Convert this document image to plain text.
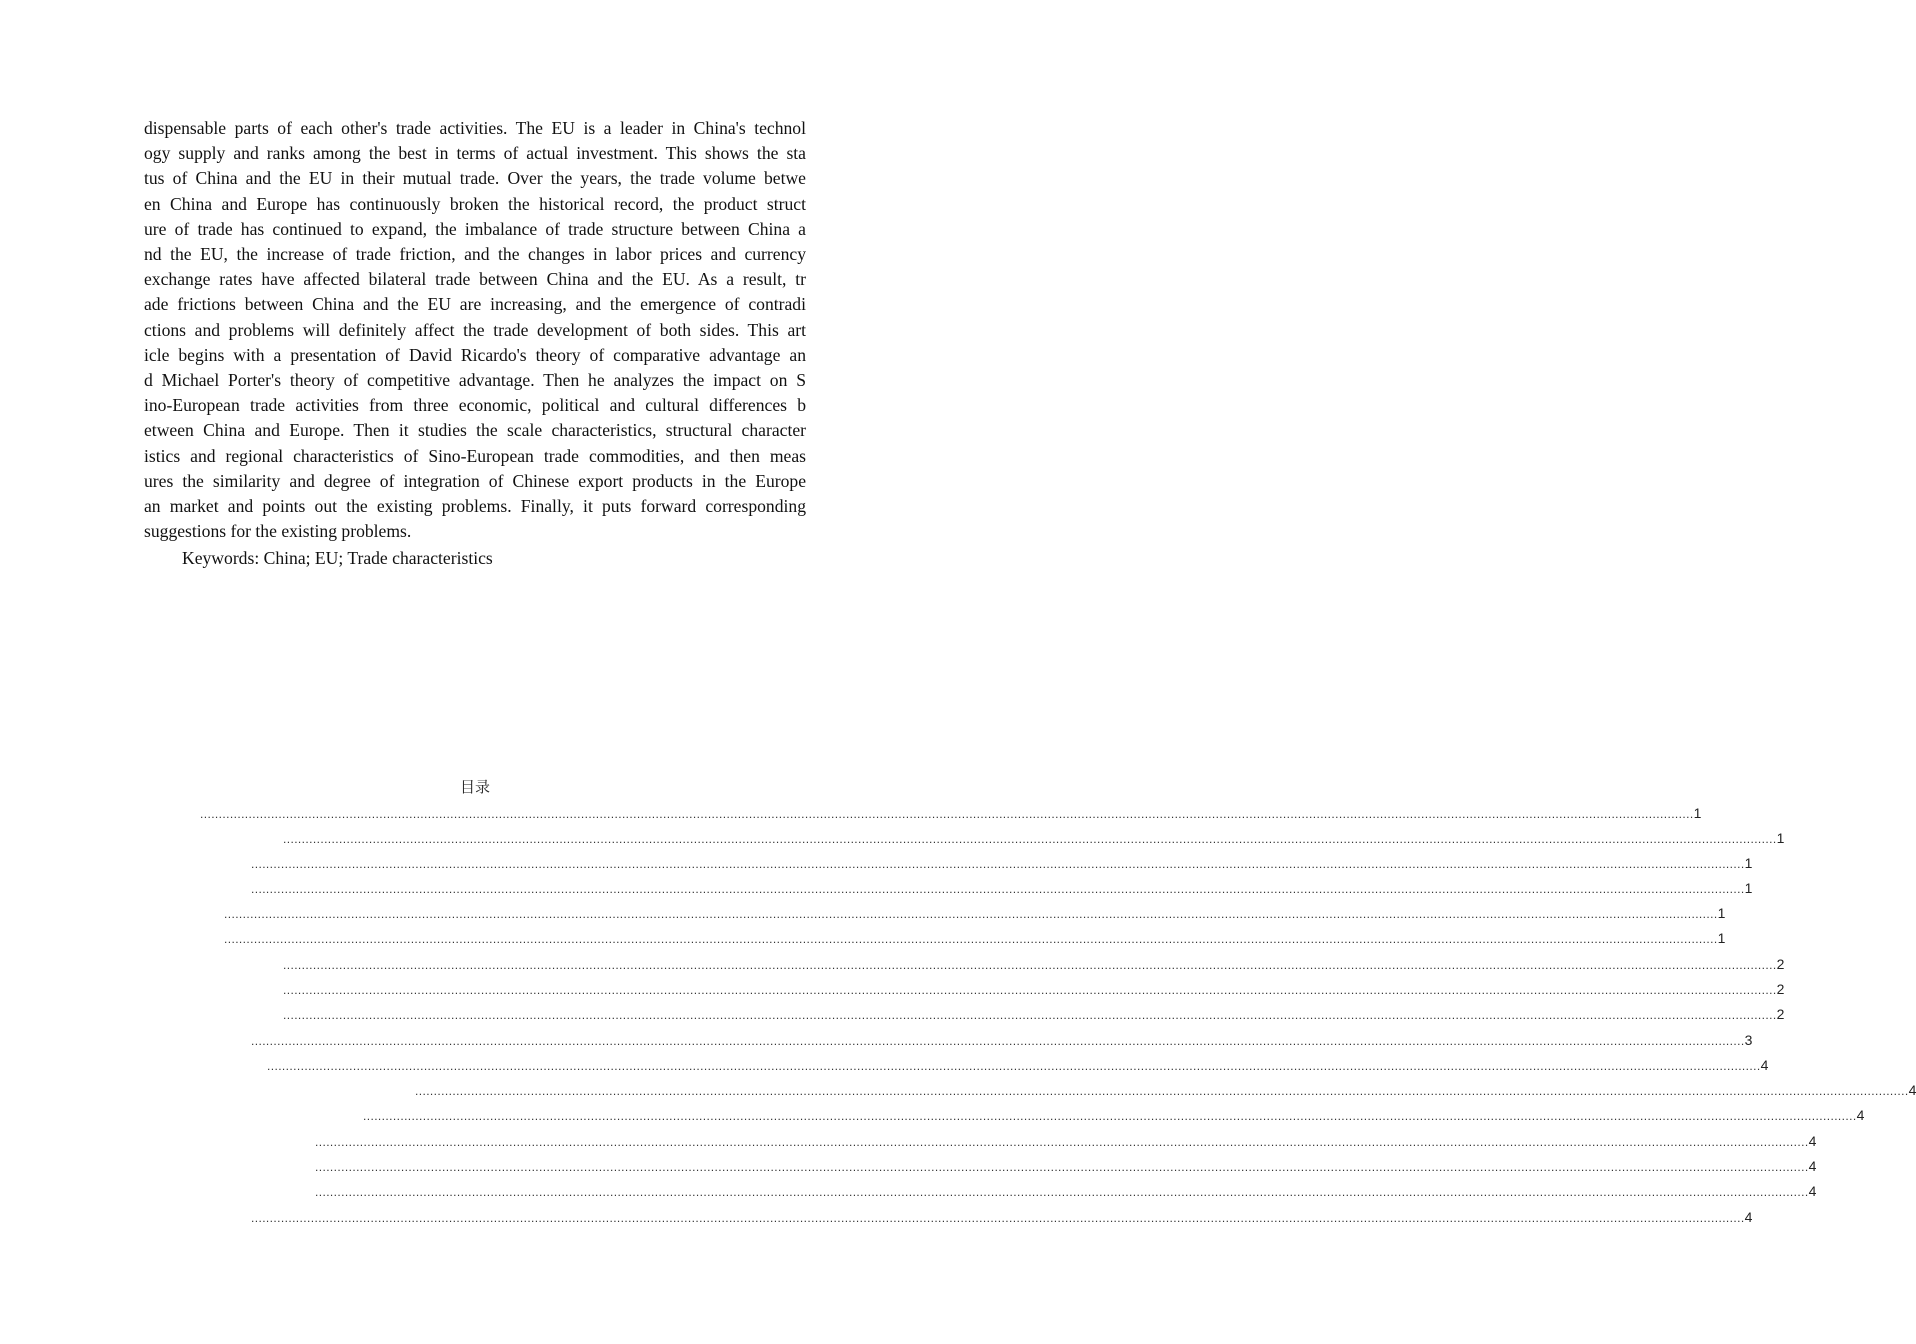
dispensable parts of each other's trade activities. The EU is a leader in China's technol
ogy supply and ranks among the best in terms of actual investment. This shows the sta
tus of China and the EU in their mutual trade. Over the years, the trade volume betwe
en China and Europe has continuously broken the historical record, the product struct
ure of trade has continued to expand, the imbalance of trade structure between China a
nd the EU, the increase of trade friction, and the changes in labor prices and currency
exchange rates have affected bilateral trade between China and the EU. As a result, tr
ade frictions between China and the EU are increasing, and the emergence of contradi
ctions and problems will definitely affect the trade development of both sides. This art
icle begins with a presentation of David Ricardo's theory of comparative advantage an
d Michael Porter's theory of competitive advantage. Then he analyzes the impact on S
ino-European trade activities from three economic, political and cultural differences b
etween China and Europe. Then it studies the scale characteristics, structural character
istics and regional characteristics of Sino-European trade commodities, and then meas
ures the similarity and degree of integration of Chinese export products in the Europe
an market and points out the existing problems. Finally, it puts forward corresponding
suggestions for the existing problems.
Keywords: China; EU; Trade characteristics
目录
................................................................................................................................................................................................................................................................................................................................................................................................................ 1
................................................................................................................................................................................................................................................................................................................................................................................................................ 1
................................................................................................................................................................................................................................................................................................................................................................................................................ 1
................................................................................................................................................................................................................................................................................................................................................................................................................ 1
................................................................................................................................................................................................................................................................................................................................................................................................................ 1
................................................................................................................................................................................................................................................................................................................................................................................................................ 1
................................................................................................................................................................................................................................................................................................................................................................................................................ 2
................................................................................................................................................................................................................................................................................................................................................................................................................ 2
................................................................................................................................................................................................................................................................................................................................................................................................................ 2
................................................................................................................................................................................................................................................................................................................................................................................................................ 3
................................................................................................................................................................................................................................................................................................................................................................................................................ 4
................................................................................................................................................................................................................................................................................................................................................................................................................ 4
................................................................................................................................................................................................................................................................................................................................................................................................................ 4
................................................................................................................................................................................................................................................................................................................................................................................................................ 4
................................................................................................................................................................................................................................................................................................................................................................................................................ 4
................................................................................................................................................................................................................................................................................................................................................................................................................ 4
................................................................................................................................................................................................................................................................................................................................................................................................................ 4
